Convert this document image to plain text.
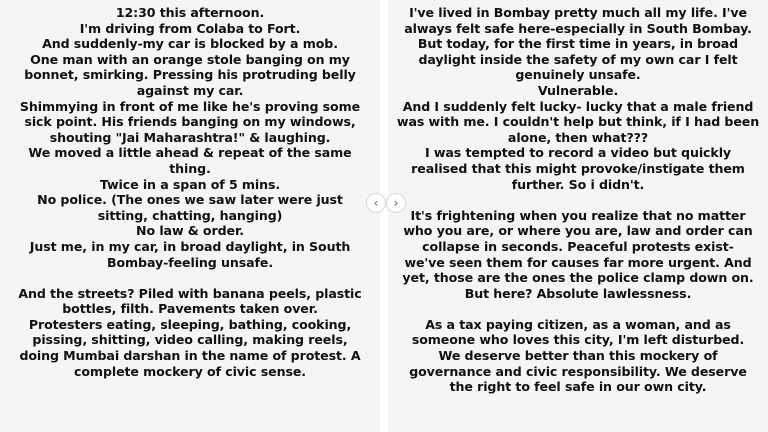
12:30 this afternoon.
I'm driving from Colaba to Fort.
And suddenly-my car is blocked by a mob.
One man with an orange stole banging on my
bonnet, smirking. Pressing his protruding belly
against my car.
Shimmying in front of me like he's proving some
sick point. His friends banging on my windows,
shouting "Jai Maharashtra!" & laughing.
We moved a little ahead & repeat of the same
thing.
Twice in a span of 5 mins.
No police. (The ones we saw later were just
sitting, chatting, hanging)
No law & order.
Just me, in my car, in broad daylight, in South
Bombay-feeling unsafe.
And the streets? Piled with banana peels, plastic
bottles, filth. Pavements taken over.
Protesters eating, sleeping, bathing, cooking,
pissing, shitting, video calling, making reels,
doing Mumbai darshan in the name of protest. A
complete mockery of civic sense.
I've lived in Bombay pretty much all my life. I've
always felt safe here-especially in South Bombay.
But today, for the first time in years, in broad
daylight inside the safety of my own car I felt
genuinely unsafe.
Vulnerable.
And I suddenly felt lucky- lucky that a male friend
was with me. I couldn't help but think, if I had been
alone, then what???
I was tempted to record a video but quickly
realised that this might provoke/instigate them
further. So i didn't.
It's frightening when you realize that no matter
who you are, or where you are, law and order can
collapse in seconds. Peaceful protests exist-
we've seen them for causes far more urgent. And
yet, those are the ones the police clamp down on.
But here? Absolute lawlessness.
As a tax paying citizen, as a woman, and as
someone who loves this city, I'm left disturbed.
We deserve better than this mockery of
governance and civic responsibility. We deserve
the right to feel safe in our own city.
‹ ›
